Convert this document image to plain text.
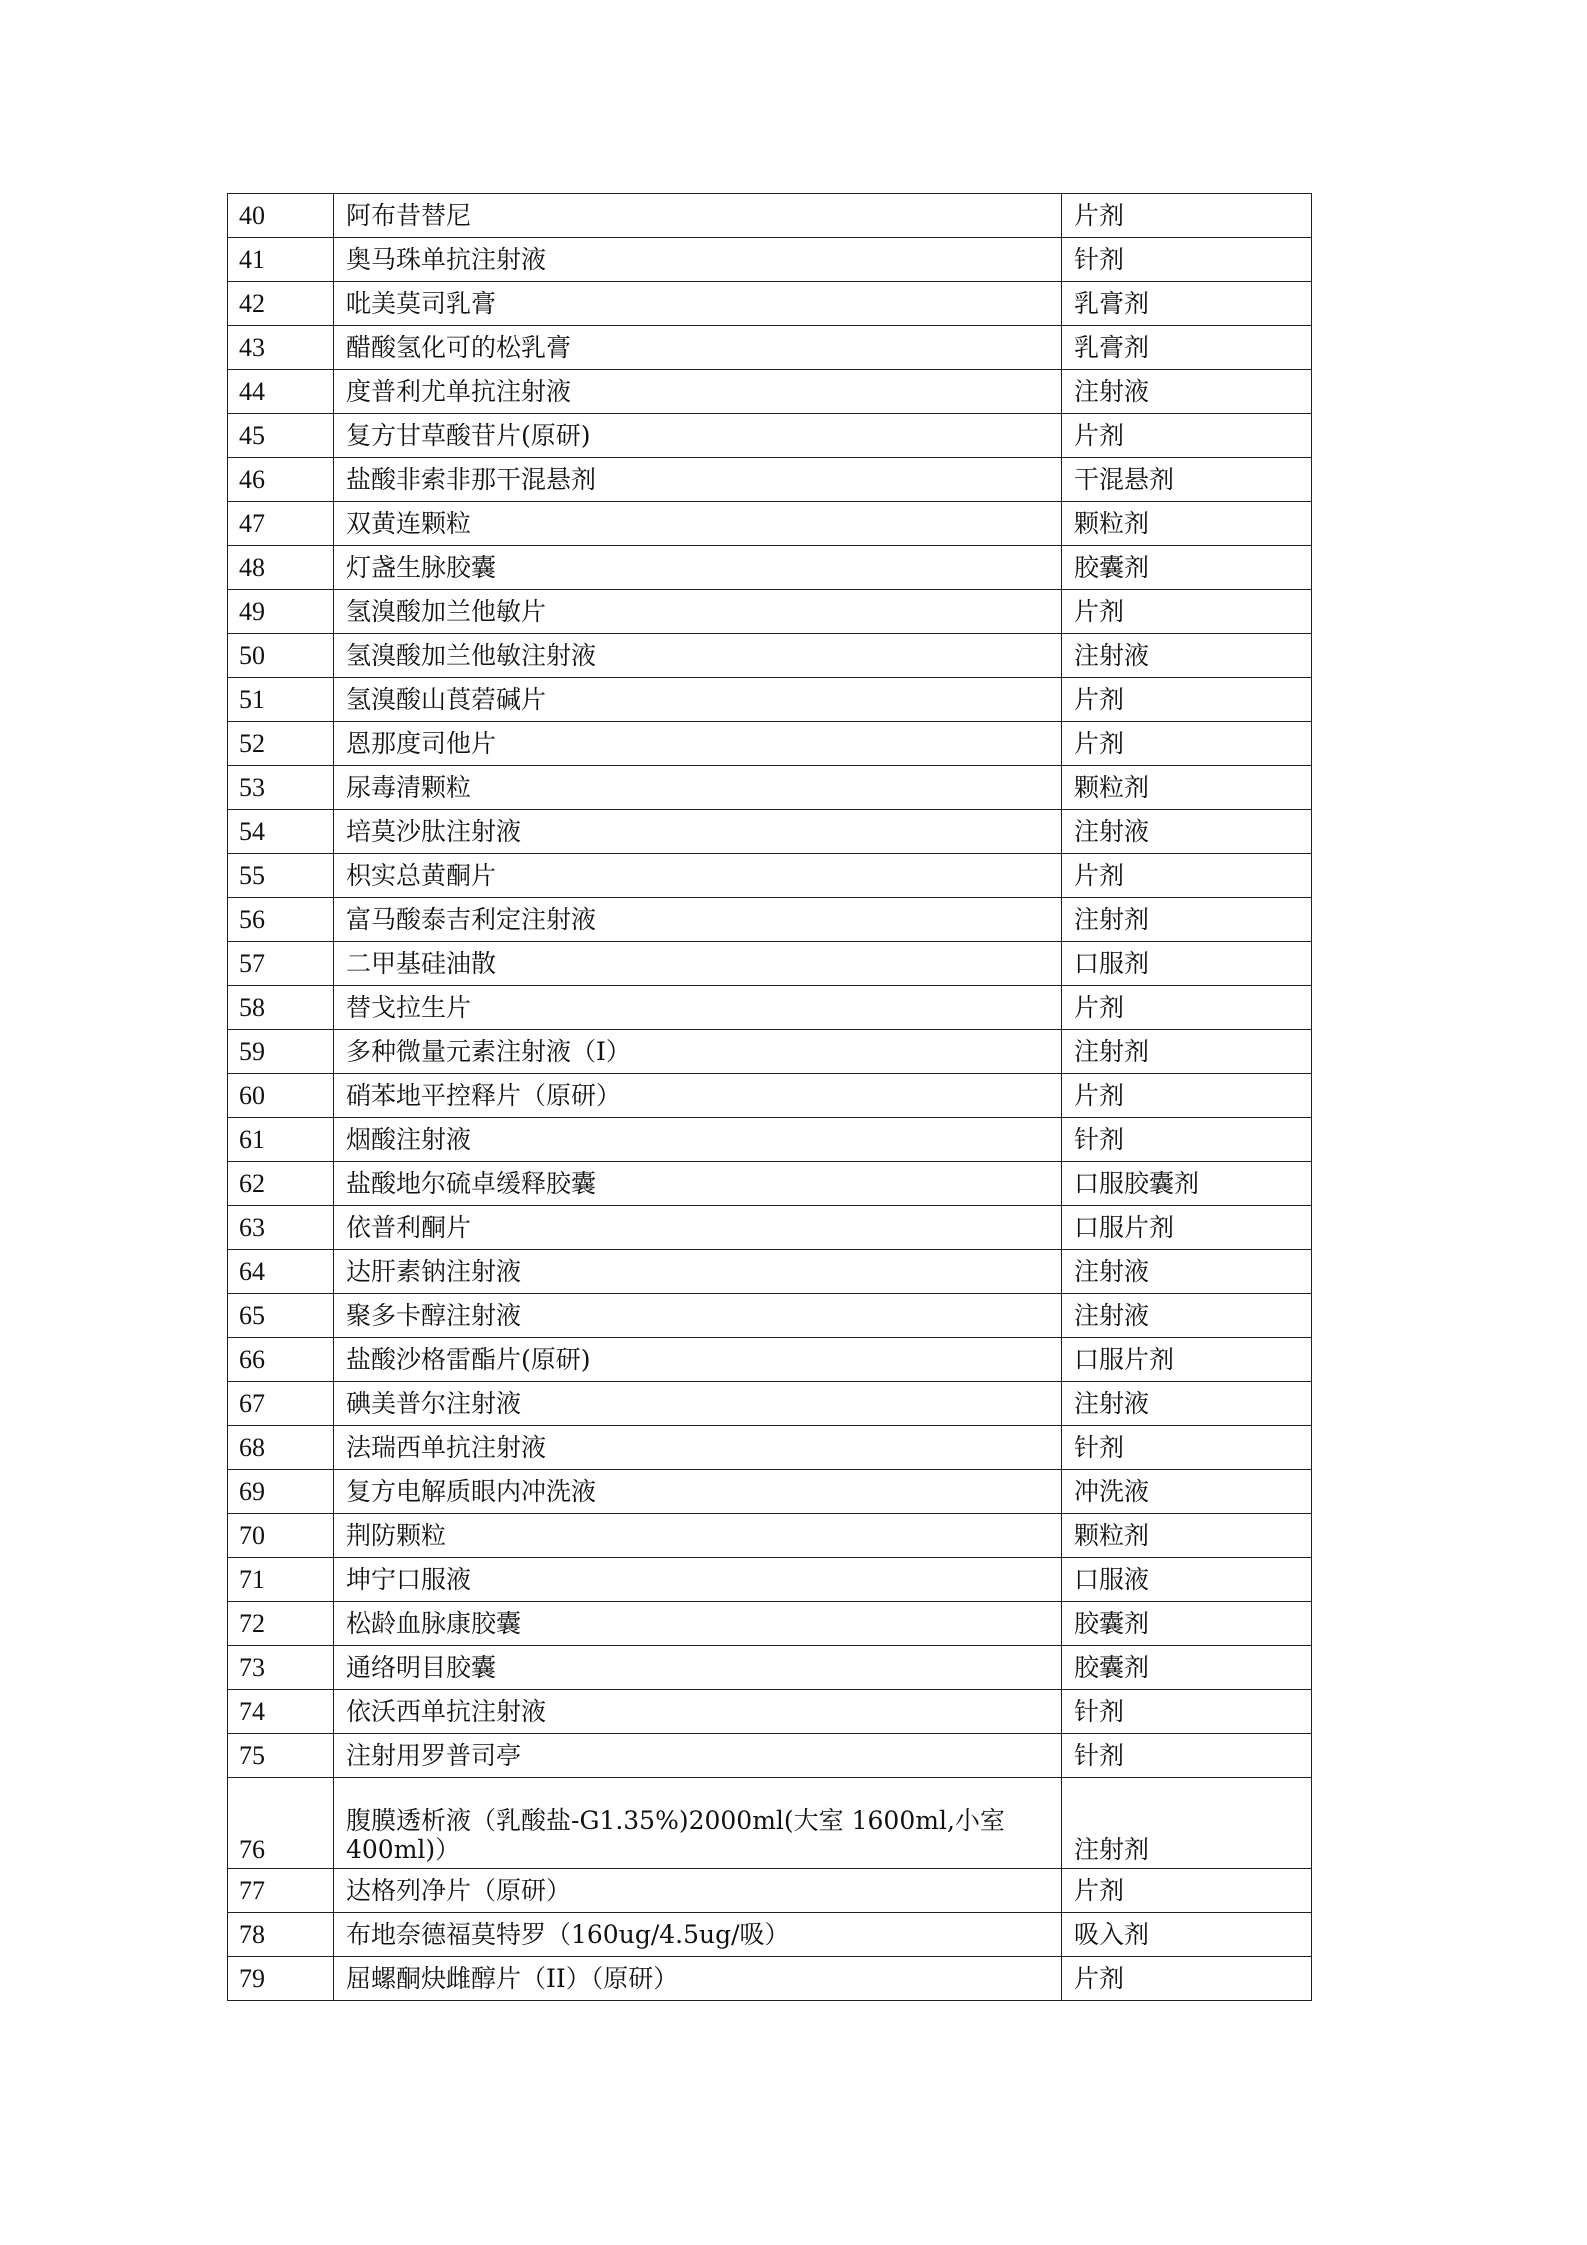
40	阿布昔替尼	片剂
41	奥马珠单抗注射液	针剂
42	吡美莫司乳膏	乳膏剂
43	醋酸氢化可的松乳膏	乳膏剂
44	度普利尤单抗注射液	注射液
45	复方甘草酸苷片(原研)	片剂
46	盐酸非索非那干混悬剂	干混悬剂
47	双黄连颗粒	颗粒剂
48	灯盏生脉胶囊	胶囊剂
49	氢溴酸加兰他敏片	片剂
50	氢溴酸加兰他敏注射液	注射液
51	氢溴酸山莨菪碱片	片剂
52	恩那度司他片	片剂
53	尿毒清颗粒	颗粒剂
54	培莫沙肽注射液	注射液
55	枳实总黄酮片	片剂
56	富马酸泰吉利定注射液	注射剂
57	二甲基硅油散	口服剂
58	替戈拉生片	片剂
59	多种微量元素注射液（I）	注射剂
60	硝苯地平控释片（原研）	片剂
61	烟酸注射液	针剂
62	盐酸地尔硫卓缓释胶囊	口服胶囊剂
63	依普利酮片	口服片剂
64	达肝素钠注射液	注射液
65	聚多卡醇注射液	注射液
66	盐酸沙格雷酯片(原研)	口服片剂
67	碘美普尔注射液	注射液
68	法瑞西单抗注射液	针剂
69	复方电解质眼内冲洗液	冲洗液
70	荆防颗粒	颗粒剂
71	坤宁口服液	口服液
72	松龄血脉康胶囊	胶囊剂
73	通络明目胶囊	胶囊剂
74	依沃西单抗注射液	针剂
75	注射用罗普司亭	针剂
76	腹膜透析液（乳酸盐-G1.35%)2000ml(大室 1600ml,小室
400ml)）	注射剂
77	达格列净片（原研）	片剂
78	布地奈德福莫特罗（160ug/4.5ug/吸）	吸入剂
79	屈螺酮炔雌醇片（II）（原研）	片剂
